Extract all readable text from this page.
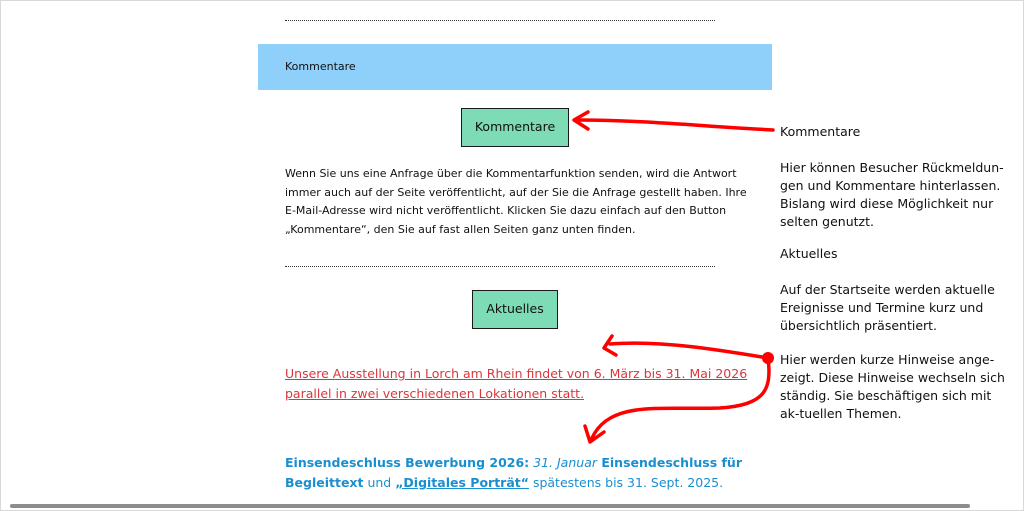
Kommentare
Kommentare

Wenn Sie uns eine Anfrage über die Kommentarfunktion senden, wird die Antwort immer auch auf der Seite veröffentlicht, auf der Sie die Anfrage gestellt haben. Ihre E-Mail-Adresse wird nicht veröffentlicht. Klicken Sie dazu einfach auf den Button „Kommentare“, den Sie auf fast allen Seiten ganz unten finden.

Aktuelles
Unsere Ausstellung in Lorch am Rhein findet von 6. März bis 31. Mai 2026 parallel in zwei verschiedenen Lokationen statt.
Einsendeschluss Bewerbung 2026: 31. Januar Einsendeschluss für Begleittext und „Digitales Porträt“ spätestens bis 31. Sept. 2025.

Kommentare

Hier können Besucher Rückmeldun-gen und Kommentare hinterlassen. Bislang wird diese Möglichkeit nur selten genutzt.

Aktuelles

Auf der Startseite werden aktuelle Ereignisse und Termine kurz und übersichtlich präsentiert.

Hier werden kurze Hinweise ange-zeigt. Diese Hinweise wechseln sich ständig. Sie beschäftigen sich mit ak-tuellen Themen.
